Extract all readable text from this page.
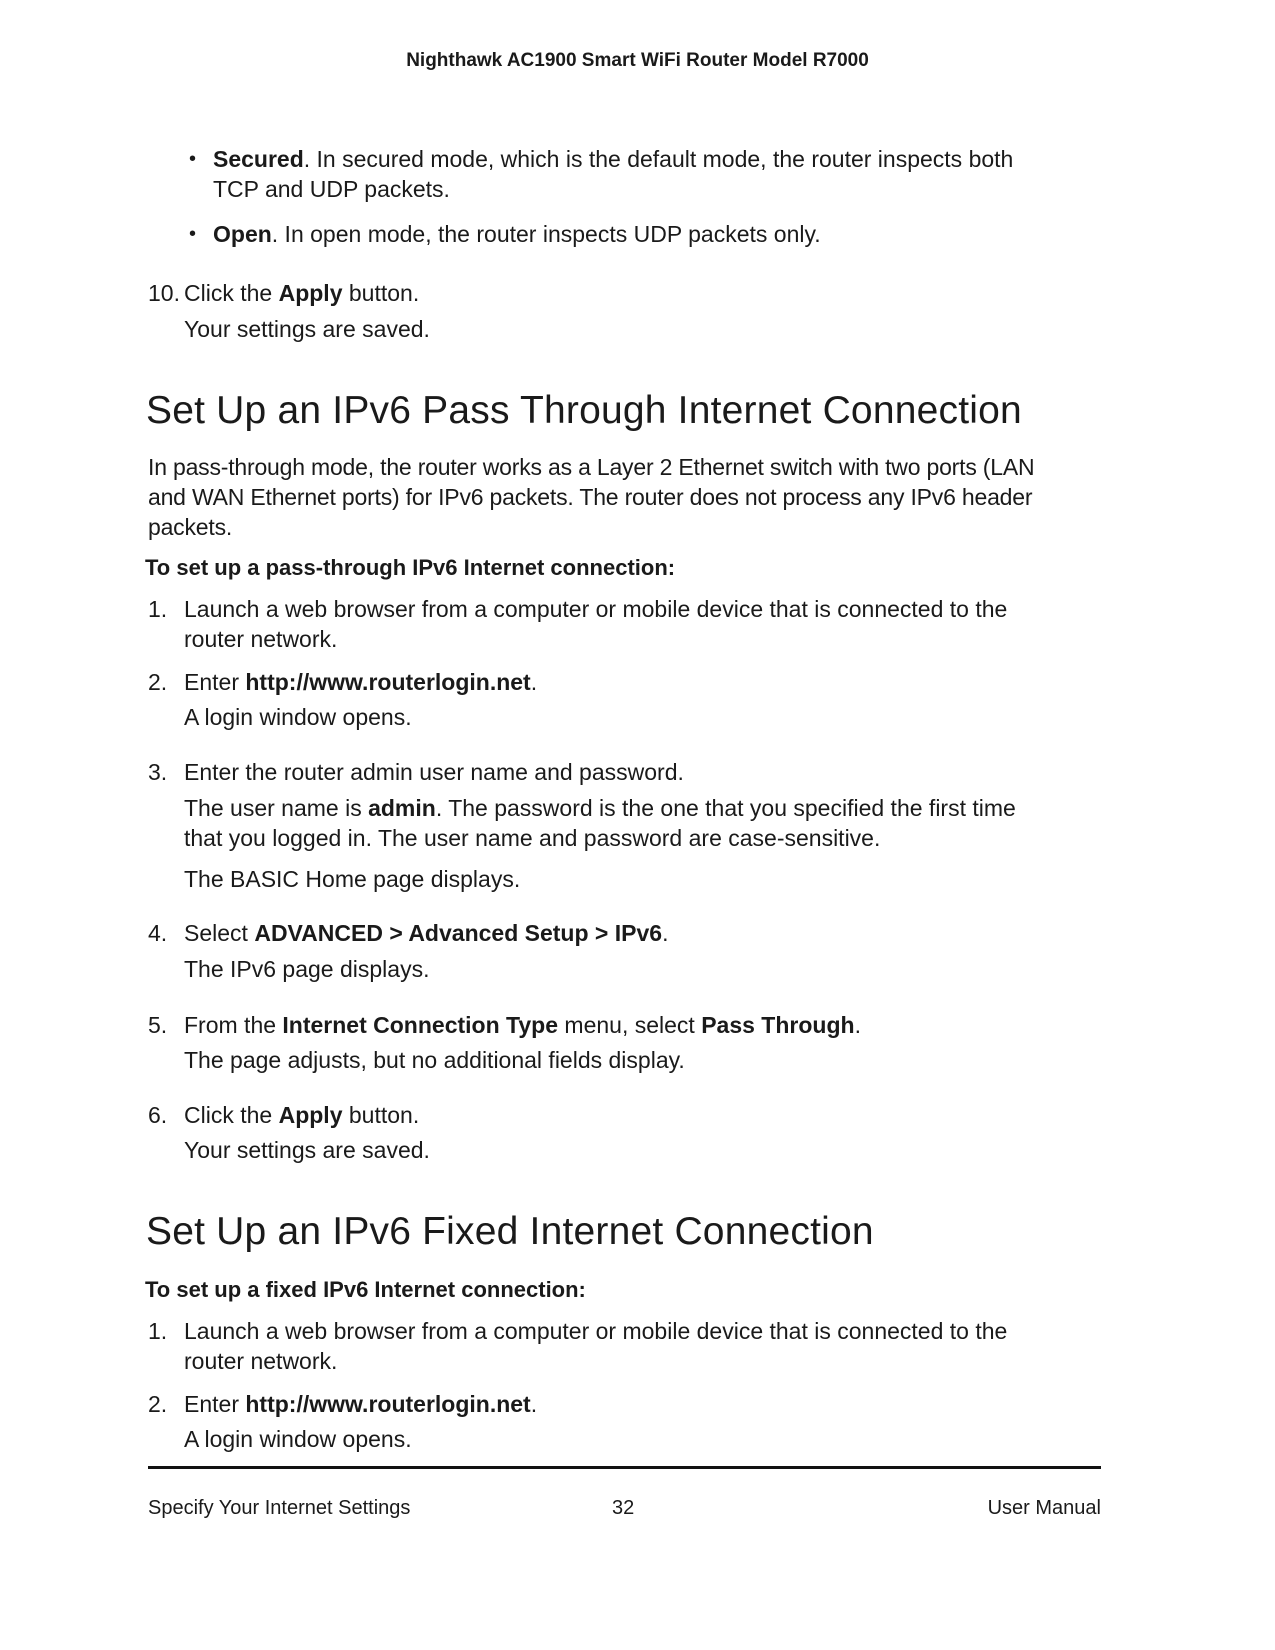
Nighthawk AC1900 Smart WiFi Router Model R7000
• Secured. In secured mode, which is the default mode, the router inspects both
TCP and UDP packets.
• Open. In open mode, the router inspects UDP packets only.
10. Click the Apply button.
Your settings are saved.
Set Up an IPv6 Pass Through Internet Connection
In pass-through mode, the router works as a Layer 2 Ethernet switch with two ports (LAN
and WAN Ethernet ports) for IPv6 packets. The router does not process any IPv6 header
packets.
To set up a pass-through IPv6 Internet connection:
1. Launch a web browser from a computer or mobile device that is connected to the
router network.
2. Enter http://www.routerlogin.net.
A login window opens.
3. Enter the router admin user name and password.
The user name is admin. The password is the one that you specified the first time
that you logged in. The user name and password are case-sensitive.
The BASIC Home page displays.
4. Select ADVANCED > Advanced Setup > IPv6.
The IPv6 page displays.
5. From the Internet Connection Type menu, select Pass Through.
The page adjusts, but no additional fields display.
6. Click the Apply button.
Your settings are saved.
Set Up an IPv6 Fixed Internet Connection
To set up a fixed IPv6 Internet connection:
1. Launch a web browser from a computer or mobile device that is connected to the
router network.
2. Enter http://www.routerlogin.net.
A login window opens.
Specify Your Internet Settings	32	User Manual
